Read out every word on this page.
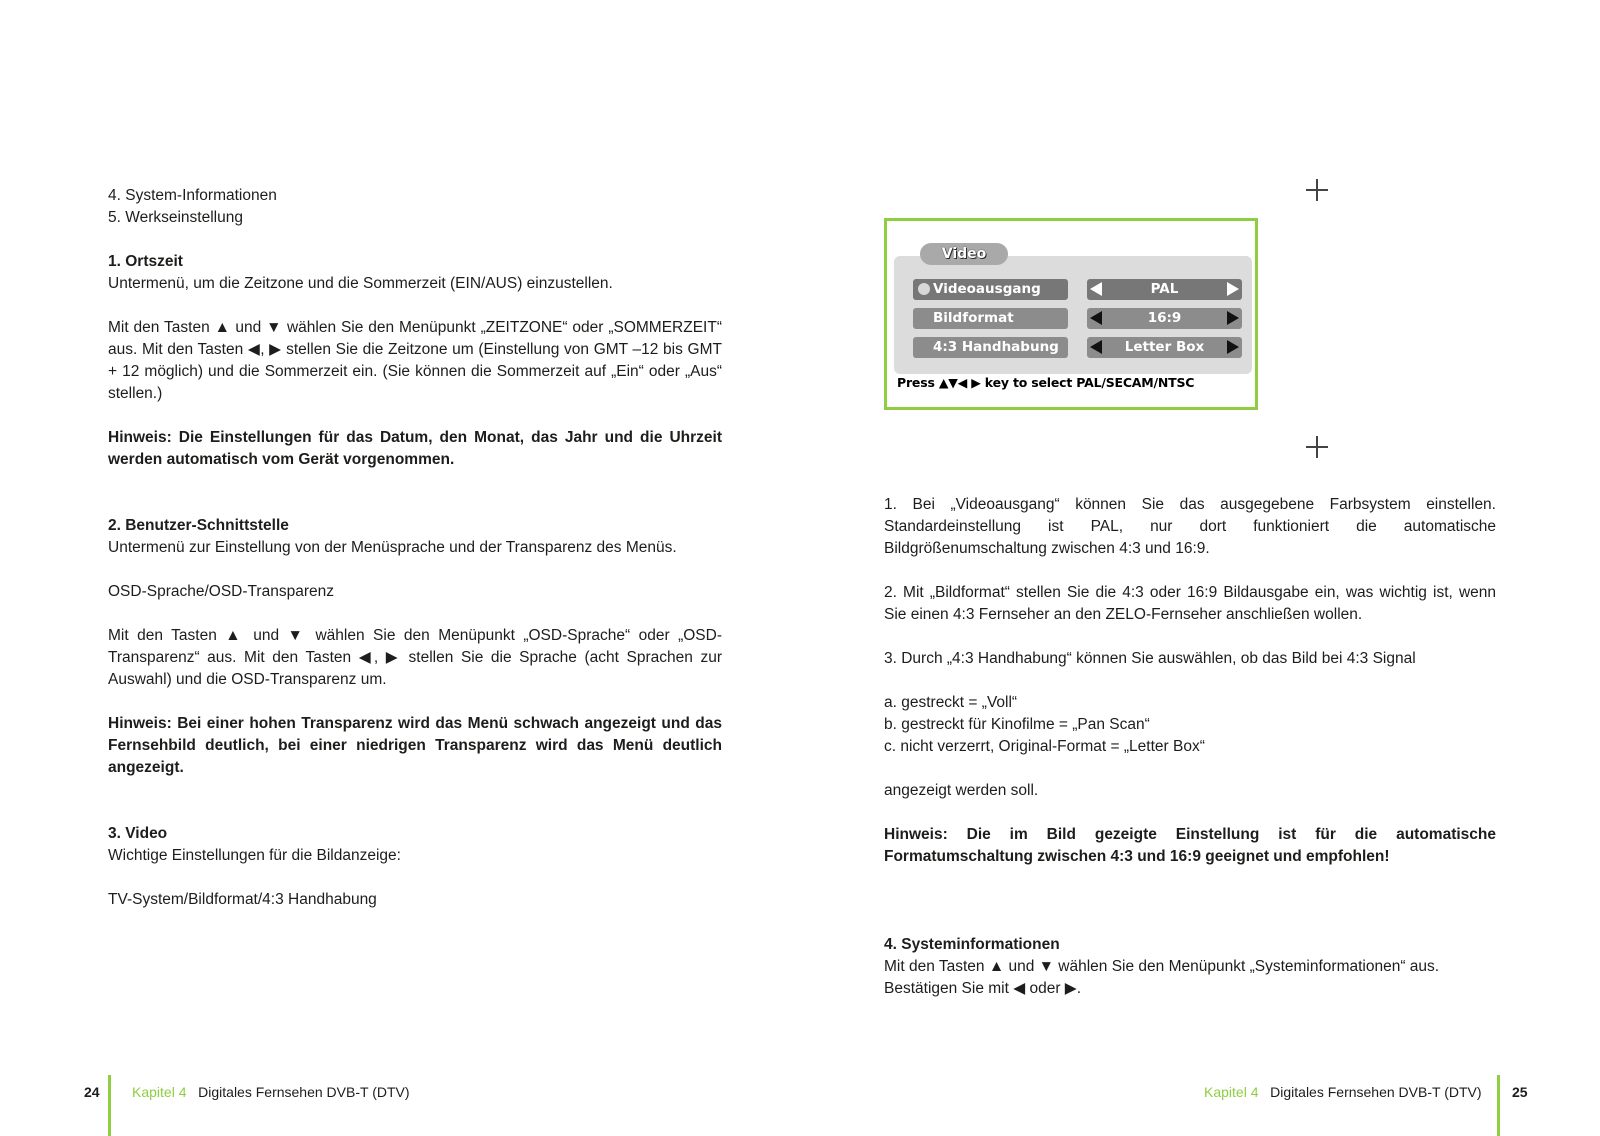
4. System-Informationen

5. Werkseinstellung

1. Ortszeit

Untermenü, um die Zeitzone und die Sommerzeit (EIN/AUS) einzustellen.

Mit den Tasten ▲ und ▼ wählen Sie den Menüpunkt „ZEITZONE“ oder „SOMMERZEIT“ aus. Mit den Tasten ◀, ▶ stellen Sie die Zeitzone um (Einstellung von GMT –12 bis GMT + 12 möglich) und die Sommerzeit ein. (Sie können die Sommerzeit auf „Ein“ oder „Aus“ stellen.)

Hinweis: Die Einstellungen für das Datum, den Monat, das Jahr und die Uhrzeit werden automatisch vom Gerät vorgenommen.

2. Benutzer-Schnittstelle

Untermenü zur Einstellung von der Menüsprache und der Transparenz des Menüs.

OSD-Sprache/OSD-Transparenz

Mit den Tasten ▲ und ▼ wählen Sie den Menüpunkt „OSD-Sprache“ oder „OSD-Transparenz“ aus. Mit den Tasten ◀, ▶ stellen Sie die Sprache (acht Sprachen zur Auswahl) und die OSD-Transparenz um.

Hinweis: Bei einer hohen Transparenz wird das Menü schwach angezeigt und das Fernsehbild deutlich, bei einer niedrigen Transparenz wird das Menü deutlich angezeigt.

3. Video

Wichtige Einstellungen für die Bildanzeige:

TV-System/Bildformat/4:3 Handhabung

Video
Videoausgang	PAL
Bildformat	16:9
4:3 Handhabung	Letter Box
Press ▲▼◀ ▶ key to select PAL/SECAM/NTSC

1. Bei „Videoausgang“ können Sie das ausgegebene Farbsystem einstellen. Standardeinstellung ist PAL, nur dort funktioniert die automatische Bildgrößenumschaltung zwischen 4:3 und 16:9.

2. Mit „Bildformat“ stellen Sie die 4:3 oder 16:9 Bildausgabe ein, was wichtig ist, wenn Sie einen 4:3 Fernseher an den ZELO-Fernseher anschließen wollen.

3. Durch „4:3 Handhabung“ können Sie auswählen, ob das Bild bei 4:3 Signal

a. gestreckt = „Voll“

b. gestreckt für Kinofilme = „Pan Scan“

c. nicht verzerrt, Original-Format = „Letter Box“

angezeigt werden soll.

Hinweis: Die im Bild gezeigte Einstellung ist für die automatische Formatumschaltung zwischen 4:3 und 16:9 geeignet und empfohlen!

4. Systeminformationen

Mit den Tasten ▲ und ▼ wählen Sie den Menüpunkt „Systeminformationen“ aus.

Bestätigen Sie mit ◀ oder ▶.

24 Kapitel 4 Digitales Fernsehen DVB-T (DTV)	Kapitel 4 Digitales Fernsehen DVB-T (DTV) 25
